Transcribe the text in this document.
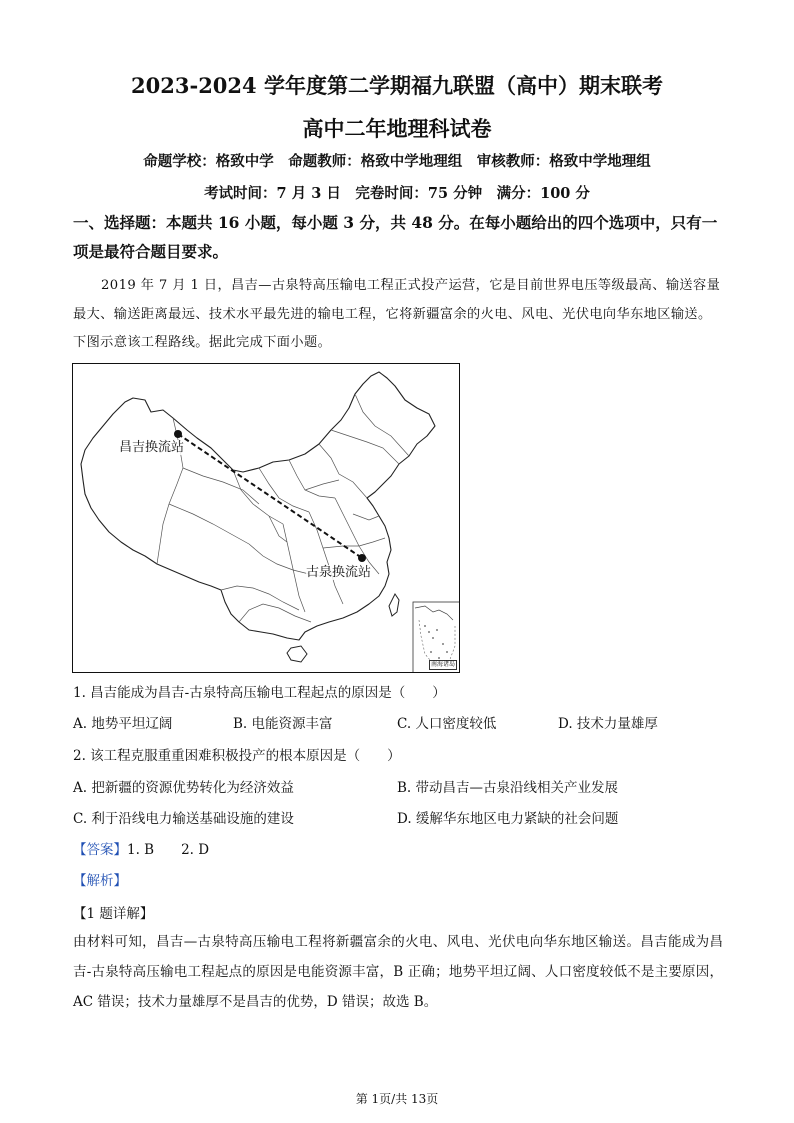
2023-2024 学年度第二学期福九联盟（高中）期末联考
高中二年地理科试卷
命题学校：格致中学　命题教师：格致中学地理组　审核教师：格致中学地理组
考试时间：7 月 3 日　完卷时间：75 分钟　满分：100 分
一、选择题：本题共 16 小题，每小题 3 分，共 48 分。在每小题给出的四个选项中，只有一项是最符合题目要求。
2019 年 7 月 1 日，昌吉—古泉特高压输电工程正式投产运营，它是目前世界电压等级最高、输送容量最大、输送距离最远、技术水平最先进的输电工程，它将新疆富余的火电、风电、光伏电向华东地区输送。下图示意该工程路线。据此完成下面小题。
昌吉换流站
古泉换流站
南海诸岛
1. 昌吉能成为昌吉-古泉特高压输电工程起点的原因是（　　）
A. 地势平坦辽阔	B. 电能资源丰富	C. 人口密度较低	D. 技术力量雄厚
2. 该工程克服重重困难积极投产的根本原因是（　　）
A. 把新疆的资源优势转化为经济效益	B. 带动昌吉—古泉沿线相关产业发展
C. 利于沿线电力输送基础设施的建设	D. 缓解华东地区电力紧缺的社会问题
【答案】1. B　　2. D
【解析】
【1 题详解】
由材料可知，昌吉—古泉特高压输电工程将新疆富余的火电、风电、光伏电向华东地区输送。昌吉能成为昌吉-古泉特高压输电工程起点的原因是电能资源丰富，B 正确；地势平坦辽阔、人口密度较低不是主要原因，AC 错误；技术力量雄厚不是昌吉的优势，D 错误；故选 B。
第 1页/共 13页
